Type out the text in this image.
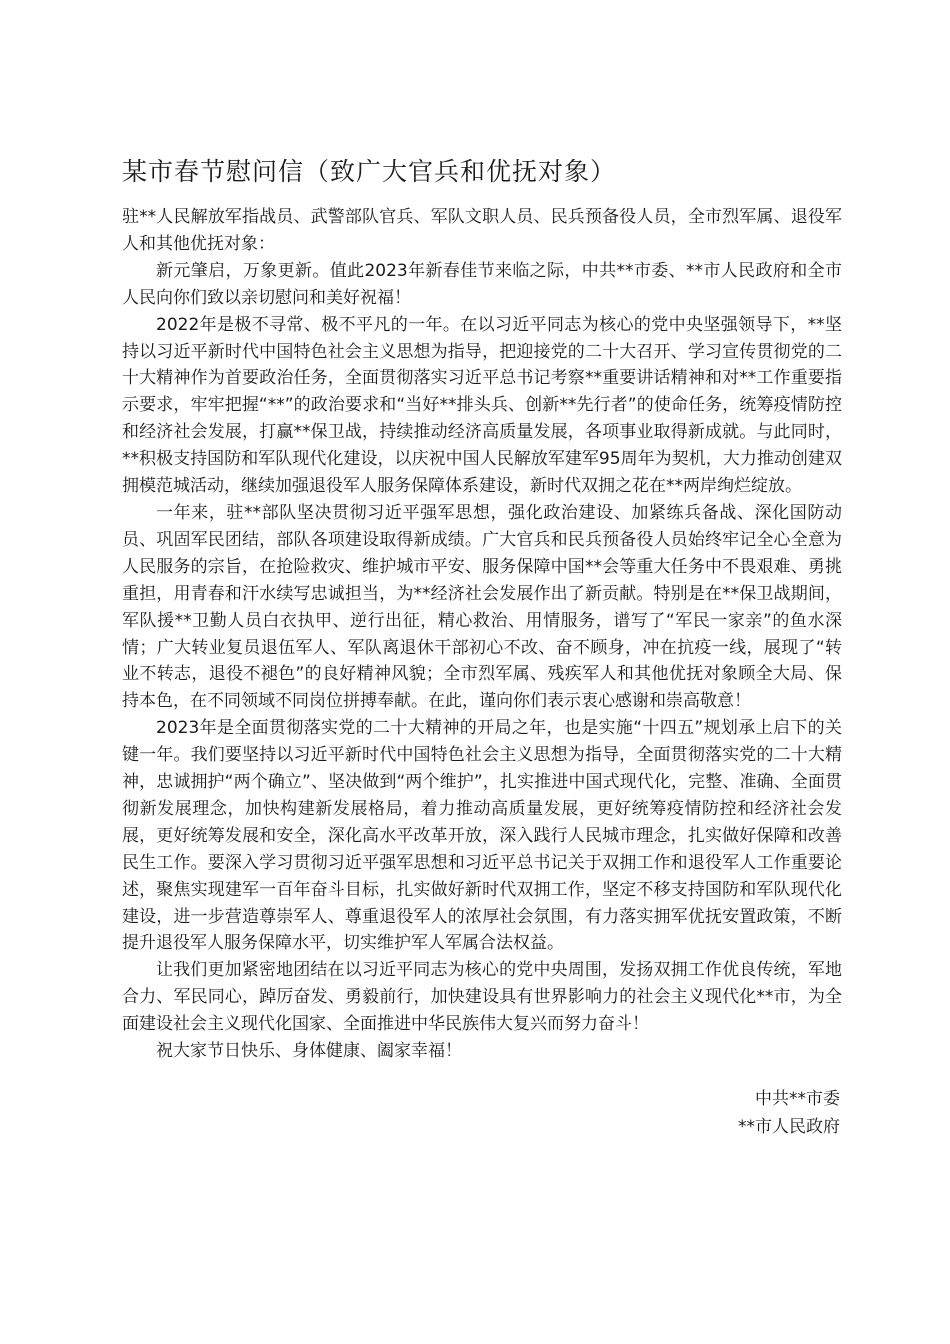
某市春节慰问信（致广大官兵和优抚对象）

驻**人民解放军指战员、武警部队官兵、军队文职人员、民兵预备役人员，全市烈军属、退役军人和其他优抚对象：

新元肇启，万象更新。值此2023年新春佳节来临之际，中共**市委、**市人民政府和全市人民向你们致以亲切慰问和美好祝福！

2022年是极不寻常、极不平凡的一年。在以习近平同志为核心的党中央坚强领导下，**坚持以习近平新时代中国特色社会主义思想为指导，把迎接党的二十大召开、学习宣传贯彻党的二十大精神作为首要政治任务，全面贯彻落实习近平总书记考察**重要讲话精神和对**工作重要指示要求，牢牢把握“**”的政治要求和“当好**排头兵、创新**先行者”的使命任务，统筹疫情防控和经济社会发展，打赢**保卫战，持续推动经济高质量发展，各项事业取得新成就。与此同时，**积极支持国防和军队现代化建设，以庆祝中国人民解放军建军95周年为契机，大力推动创建双拥模范城活动，继续加强退役军人服务保障体系建设，新时代双拥之花在**两岸绚烂绽放。

一年来，驻**部队坚决贯彻习近平强军思想，强化政治建设、加紧练兵备战、深化国防动员、巩固军民团结，部队各项建设取得新成绩。广大官兵和民兵预备役人员始终牢记全心全意为人民服务的宗旨，在抢险救灾、维护城市平安、服务保障中国**会等重大任务中不畏艰难、勇挑重担，用青春和汗水续写忠诚担当，为**经济社会发展作出了新贡献。特别是在**保卫战期间，军队援**卫勤人员白衣执甲、逆行出征，精心救治、用情服务，谱写了“军民一家亲”的鱼水深情；广大转业复员退伍军人、军队离退休干部初心不改、奋不顾身，冲在抗疫一线，展现了“转业不转志，退役不褪色”的良好精神风貌；全市烈军属、残疾军人和其他优抚对象顾全大局、保持本色，在不同领域不同岗位拼搏奉献。在此，谨向你们表示衷心感谢和崇高敬意！

2023年是全面贯彻落实党的二十大精神的开局之年，也是实施“十四五”规划承上启下的关键一年。我们要坚持以习近平新时代中国特色社会主义思想为指导，全面贯彻落实党的二十大精神，忠诚拥护“两个确立”、坚决做到“两个维护”，扎实推进中国式现代化，完整、准确、全面贯彻新发展理念，加快构建新发展格局，着力推动高质量发展，更好统筹疫情防控和经济社会发展，更好统筹发展和安全，深化高水平改革开放，深入践行人民城市理念，扎实做好保障和改善民生工作。要深入学习贯彻习近平强军思想和习近平总书记关于双拥工作和退役军人工作重要论述，聚焦实现建军一百年奋斗目标，扎实做好新时代双拥工作，坚定不移支持国防和军队现代化建设，进一步营造尊崇军人、尊重退役军人的浓厚社会氛围，有力落实拥军优抚安置政策，不断提升退役军人服务保障水平，切实维护军人军属合法权益。

让我们更加紧密地团结在以习近平同志为核心的党中央周围，发扬双拥工作优良传统，军地合力、军民同心，踔厉奋发、勇毅前行，加快建设具有世界影响力的社会主义现代化**市，为全面建设社会主义现代化国家、全面推进中华民族伟大复兴而努力奋斗！

祝大家节日快乐、身体健康、阖家幸福！

中共**市委
**市人民政府
